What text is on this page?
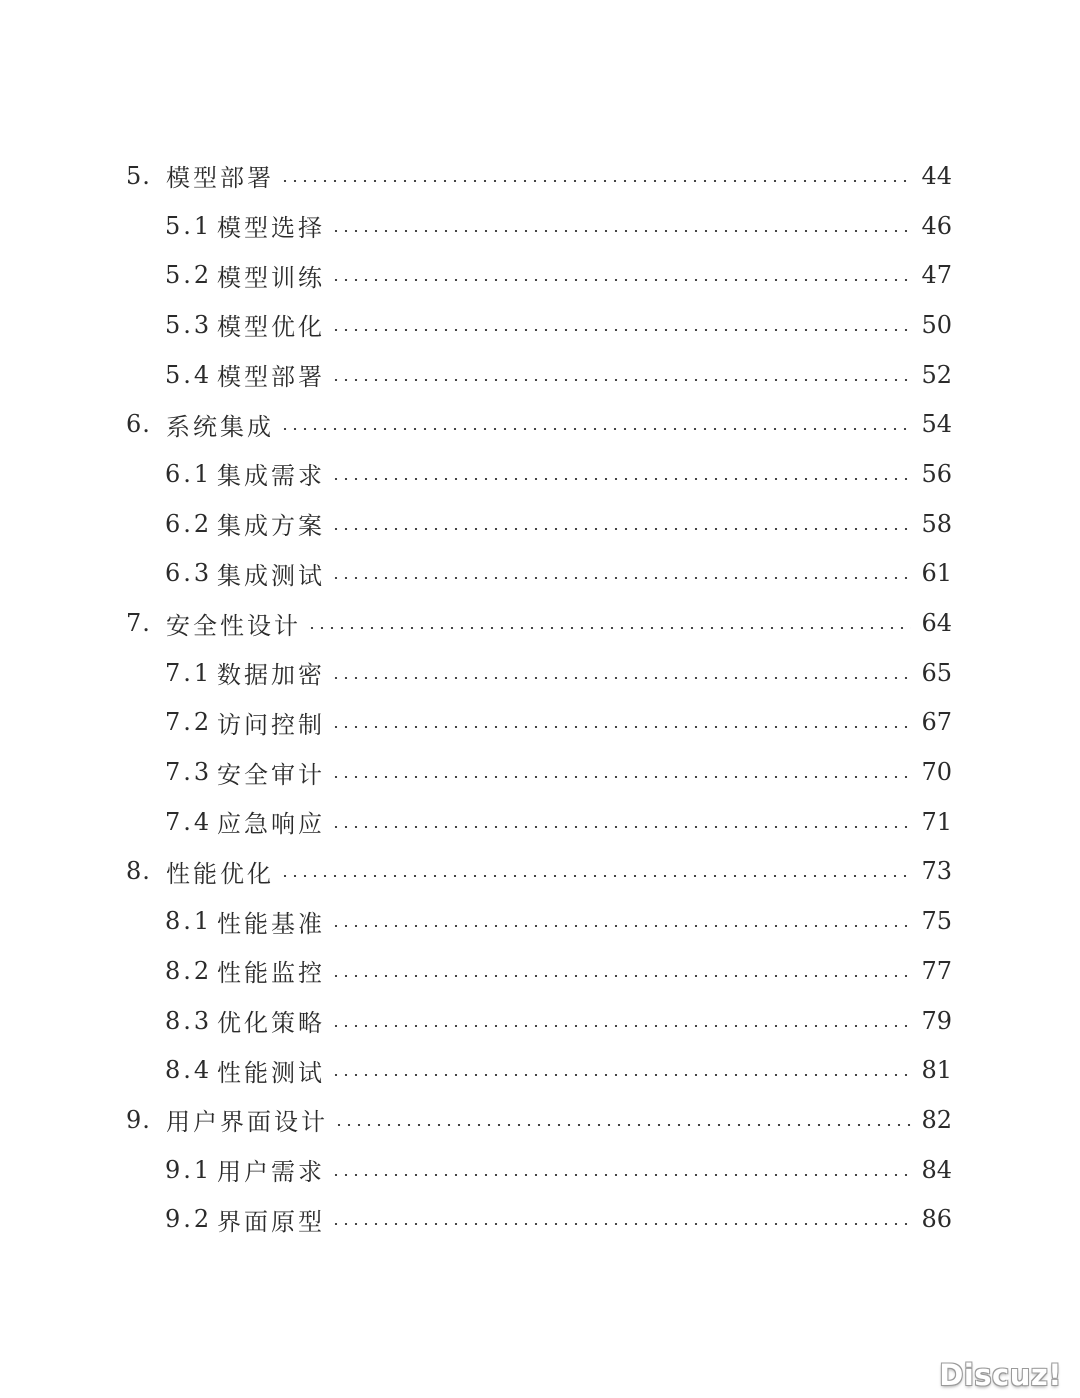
5. 模型部署	44
5.1 模型选择	46
5.2 模型训练	47
5.3 模型优化	50
5.4 模型部署	52
6. 系统集成	54
6.1 集成需求	56
6.2 集成方案	58
6.3 集成测试	61
7. 安全性设计	64
7.1 数据加密	65
7.2 访问控制	67
7.3 安全审计	70
7.4 应急响应	71
8. 性能优化	73
8.1 性能基准	75
8.2 性能监控	77
8.3 优化策略	79
8.4 性能测试	81
9. 用户界面设计	82
9.1 用户需求	84
9.2 界面原型	86
Discuz!
